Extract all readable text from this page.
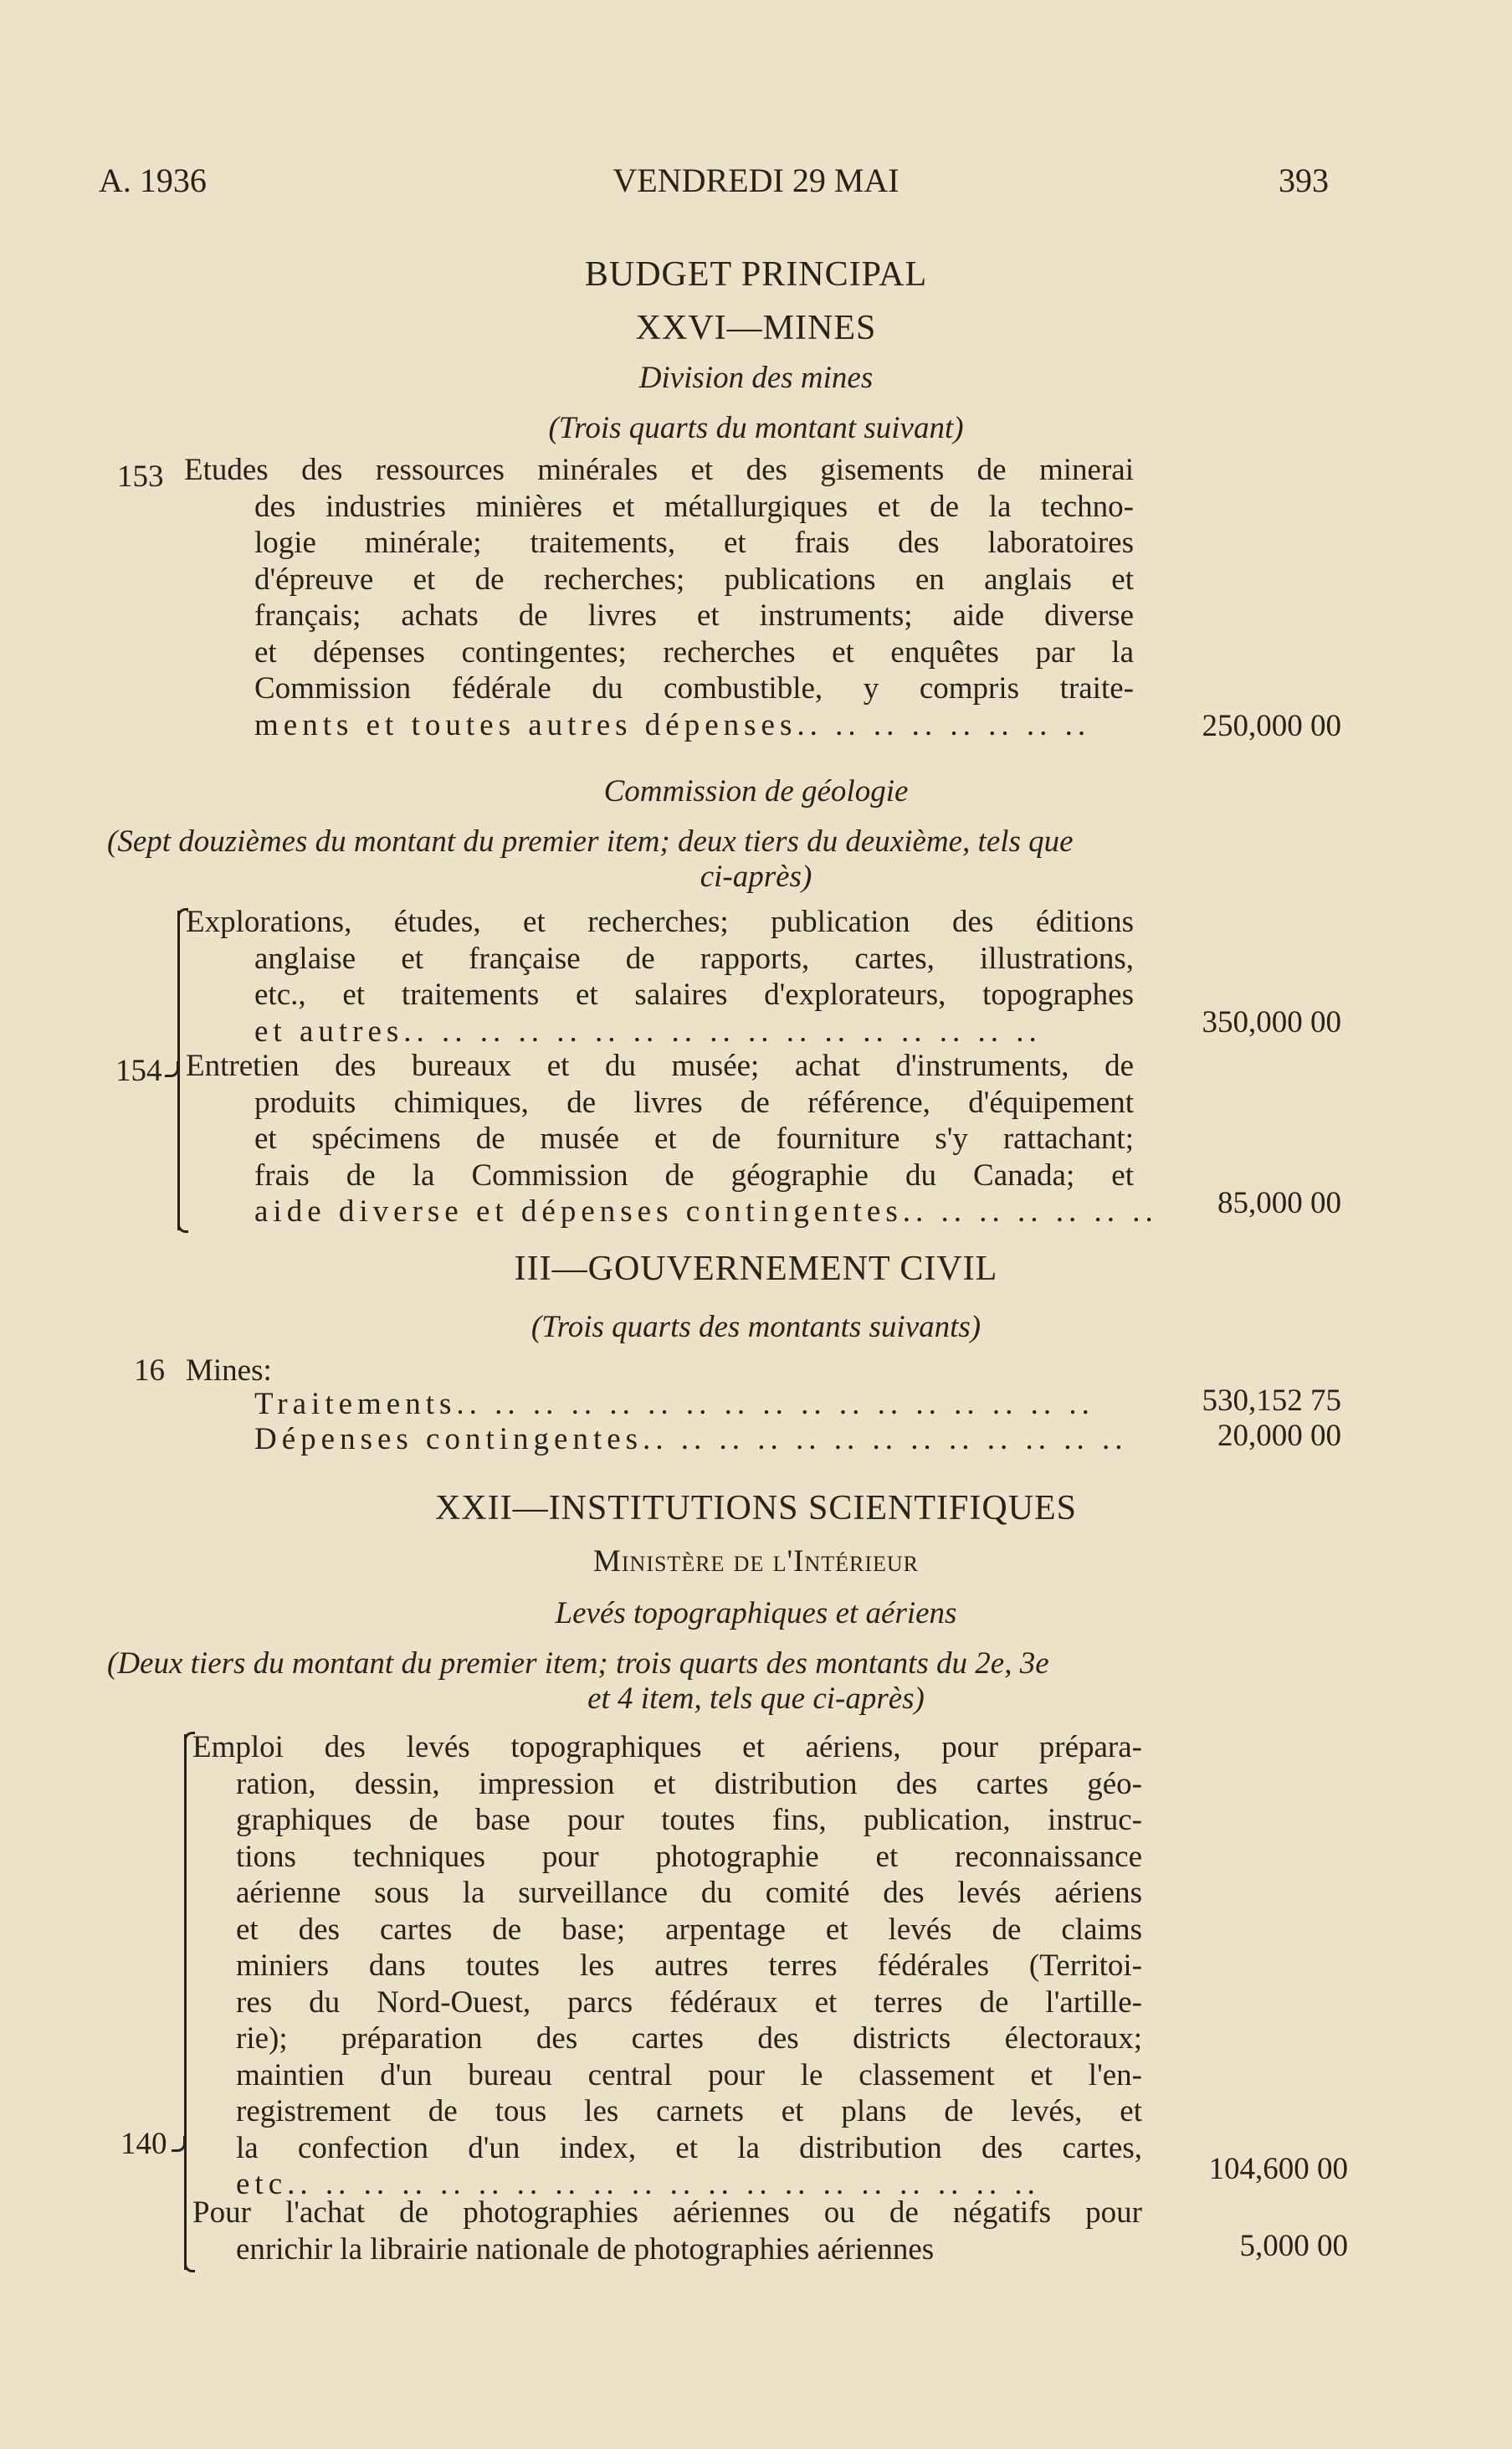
A. 1936	VENDREDI 29 MAI	393
BUDGET PRINCIPAL
XXVI—MINES
Division des mines
(Trois quarts du montant suivant)
153 Etudes des ressources minérales et des gisements de minerai
des industries minières et métallurgiques et de la techno-
logie minérale; traitements, et frais des laboratoires
d'épreuve et de recherches; publications en anglais et
français; achats de livres et instruments; aide diverse
et dépenses contingentes; recherches et enquêtes par la
Commission fédérale du combustible, y compris traite-
ments et toutes autres dépenses.. .. .. .. .. .. .. ..	250,000 00
Commission de géologie
(Sept douzièmes du montant du premier item; deux tiers du deuxième, tels que
ci-après)
154
Explorations, études, et recherches; publication des éditions
anglaise et française de rapports, cartes, illustrations,
etc., et traitements et salaires d'explorateurs, topographes
et autres.. .. .. .. .. .. .. .. .. .. .. .. .. .. .. .. ..	350,000 00
Entretien des bureaux et du musée; achat d'instruments, de
produits chimiques, de livres de référence, d'équipement
et spécimens de musée et de fourniture s'y rattachant;
frais de la Commission de géographie du Canada; et
aide diverse et dépenses contingentes.. .. .. .. .. .. .. 85,000 00
III—GOUVERNEMENT CIVIL
(Trois quarts des montants suivants)
16 Mines:
Traitements.. .. .. .. .. .. .. .. .. .. .. .. .. .. .. .. ..	530,152 75
Dépenses contingentes.. .. .. .. .. .. .. .. .. .. .. .. ..	20,000 00
XXII—INSTITUTIONS SCIENTIFIQUES
Ministère de l'Intérieur
Levés topographiques et aériens
(Deux tiers du montant du premier item; trois quarts des montants du 2e, 3e
et 4 item, tels que ci-après)
140
Emploi des levés topographiques et aériens, pour prépara-
ration, dessin, impression et distribution des cartes géo-
graphiques de base pour toutes fins, publication, instruc-
tions techniques pour photographie et reconnaissance
aérienne sous la surveillance du comité des levés aériens
et des cartes de base; arpentage et levés de claims
miniers dans toutes les autres terres fédérales (Territoi-
res du Nord-Ouest, parcs fédéraux et terres de l'artille-
rie); préparation des cartes des districts électoraux;
maintien d'un bureau central pour le classement et l'en-
registrement de tous les carnets et plans de levés, et
la confection d'un index, et la distribution des cartes,
etc.. .. .. .. .. .. .. .. .. .. .. .. .. .. .. .. .. .. .. ..	104,600 00
Pour l'achat de photographies aériennes ou de négatifs pour
enrichir la librairie nationale de photographies aériennes	5,000 00
